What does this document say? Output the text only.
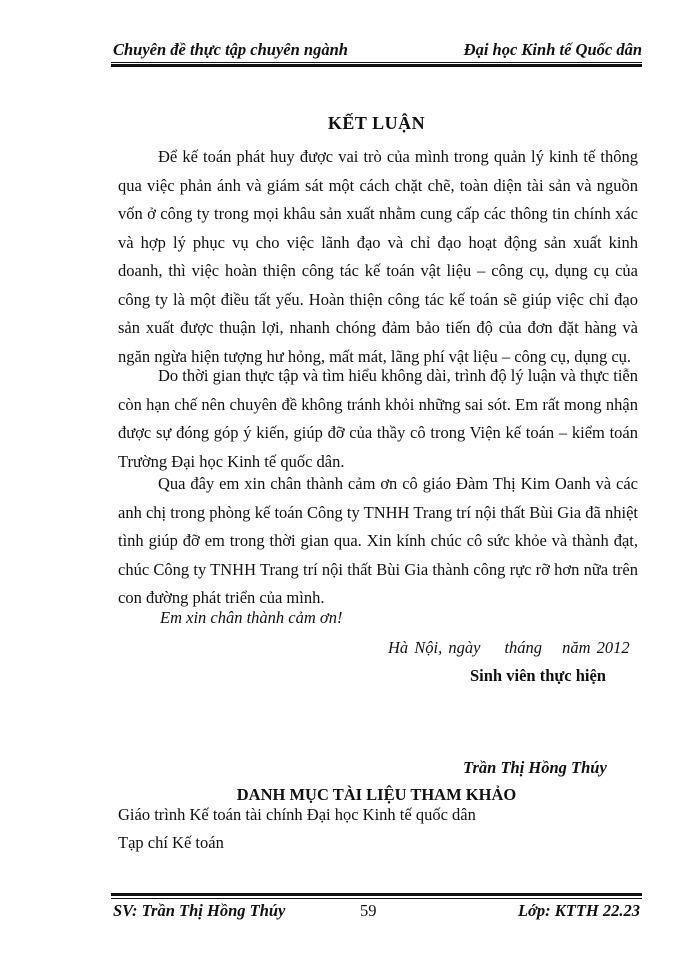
Chuyên đề thực tập chuyên ngành	Đại học Kinh tế Quốc dân
KẾT LUẬN

Để kế toán phát huy được vai trò của mình trong quản lý kinh tế thông qua việc phản ánh và giám sát một cách chặt chẽ, toàn diện tài sản và nguồn vốn ở công ty trong mọi khâu sản xuất nhằm cung cấp các thông tin chính xác và hợp lý phục vụ cho việc lãnh đạo và chỉ đạo hoạt động sản xuất kinh doanh, thì việc hoàn thiện công tác kế toán vật liệu – công cụ, dụng cụ của công ty là một điều tất yếu. Hoàn thiện công tác kế toán sẽ giúp việc chỉ đạo sản xuất được thuận lợi, nhanh chóng đảm bảo tiến độ của đơn đặt hàng và ngăn ngừa hiện tượng hư hỏng, mất mát, lãng phí vật liệu – công cụ, dụng cụ.

Do thời gian thực tập và tìm hiểu không dài, trình độ lý luận và thực tiễn còn hạn chế nên chuyên đề không tránh khỏi những sai sót. Em rất mong nhận được sự đóng góp ý kiến, giúp đỡ của thầy cô trong Viện kế toán – kiểm toán Trường Đại học Kinh tế quốc dân.

Qua đây em xin chân thành cảm ơn cô giáo Đàm Thị Kim Oanh và các anh chị trong phòng kế toán Công ty TNHH Trang trí nội thất Bùi Gia đã nhiệt tình giúp đỡ em trong thời gian qua. Xin kính chúc cô sức khỏe và thành đạt, chúc Công ty TNHH Trang trí nội thất Bùi Gia thành công rực rỡ hơn nữa trên con đường phát triển của mình.

Em xin chân thành cảm ơn!
Hà Nội, ngày tháng năm 2012
Sinh viên thực hiện
Trần Thị Hồng Thúy
DANH MỤC TÀI LIỆU THAM KHẢO
Giáo trình Kế toán tài chính Đại học Kinh tế quốc dân
Tạp chí Kế toán
SV: Trần Thị Hồng Thúy	59	Lớp: KTTH 22.23
